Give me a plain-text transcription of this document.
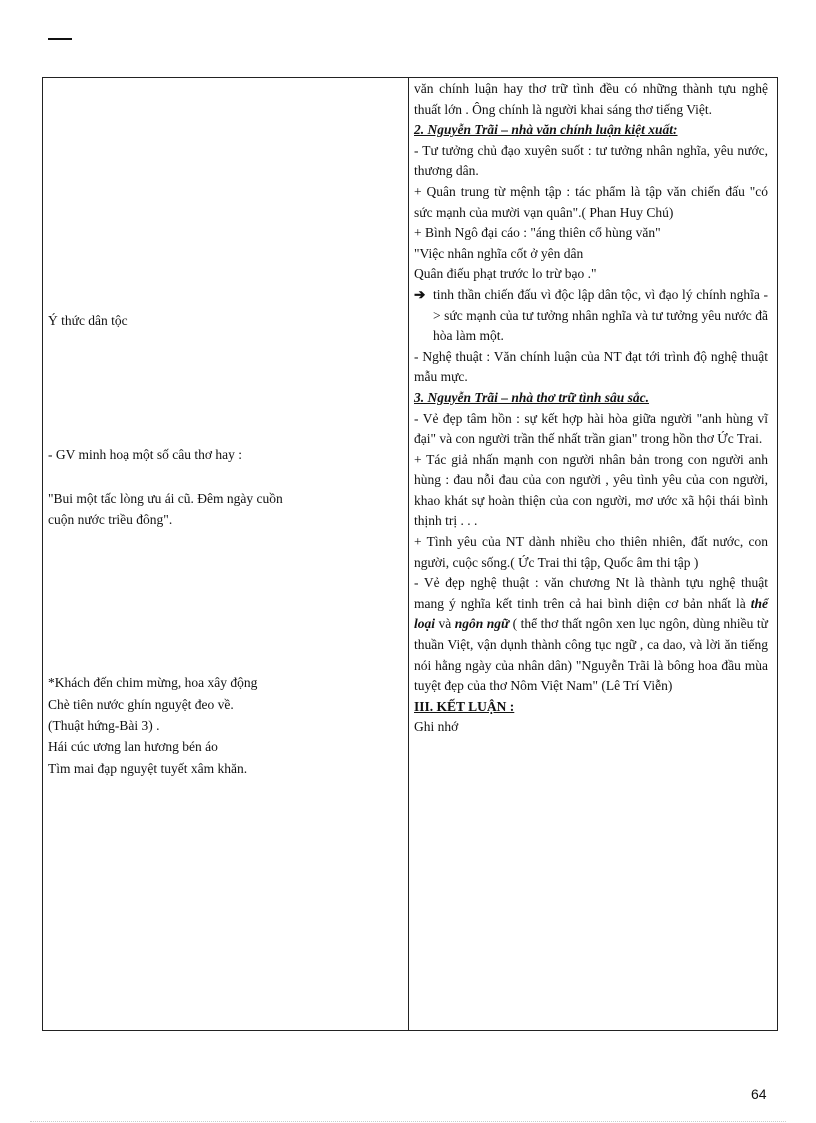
Ý thức dân tộc
- GV minh hoạ một số câu thơ hay :
"Bui một tấc lòng ưu ái cũ. Đêm ngày cuồn
cuộn nước triều đông".
*Khách đến chim mừng, hoa xây động
Chè tiên nước ghín nguyệt đeo về.
(Thuật hứng-Bài 3) .
Hái cúc ương lan hương bén áo
Tìm mai đạp nguyệt tuyết xâm khăn.

văn chính luận hay thơ trữ tình đều có những thành tựu nghệ thuất lớn . Ông chính là người khai sáng thơ tiếng Việt.

2. Nguyễn Trãi – nhà văn chính luận kiệt xuất:

- Tư tưởng chủ đạo xuyên suốt : tư tưởng nhân nghĩa, yêu nước, thương dân.

+ Quân trung từ mệnh tập : tác phẩm là tập văn chiến đấu "có sức mạnh của mười vạn quân".( Phan Huy Chú)

+ Bình Ngô đại cáo : "áng thiên cổ hùng văn"

"Việc nhân nghĩa cốt ở yên dân

Quân điếu phạt trước lo trừ bạo ."

➔ tinh thần chiến đấu vì độc lập dân tộc, vì đạo lý chính nghĩa -> sức mạnh của tư tưởng nhân nghĩa và tư tưởng yêu nước đã hòa làm một.

- Nghệ thuật : Văn chính luận của NT đạt tới trình độ nghệ thuật mẫu mực.

3. Nguyễn Trãi – nhà thơ trữ tình sâu sắc.

- Vẻ đẹp tâm hồn : sự kết hợp hài hòa giữa người "anh hùng vĩ đại" và con người trần thế nhất trần gian" trong hồn thơ Ức Trai.

+ Tác giả nhấn mạnh con người nhân bản trong con người anh hùng : đau nỗi đau của con người , yêu tình yêu của con người, khao khát sự hoàn thiện của con người, mơ ước xã hội thái bình thịnh trị . . .

+ Tình yêu của NT dành nhiều cho thiên nhiên, đất nước, con người, cuộc sống.( Ức Trai thi tập, Quốc âm thi tập )

- Vẻ đẹp nghệ thuật : văn chương Nt là thành tựu nghệ thuật mang ý nghĩa kết tinh trên cả hai bình diện cơ bản nhất là thể loại và ngôn ngữ ( thể thơ thất ngôn xen lục ngôn, dùng nhiều từ thuần Việt, vận dụnh thành công tục ngữ , ca dao, và lời ăn tiếng nói hằng ngày của nhân dân) "Nguyễn Trãi là bông hoa đầu mùa tuyệt đẹp của thơ Nôm Việt Nam" (Lê Trí Viễn)

III. KẾT LUẬN :

Ghi nhớ

64
